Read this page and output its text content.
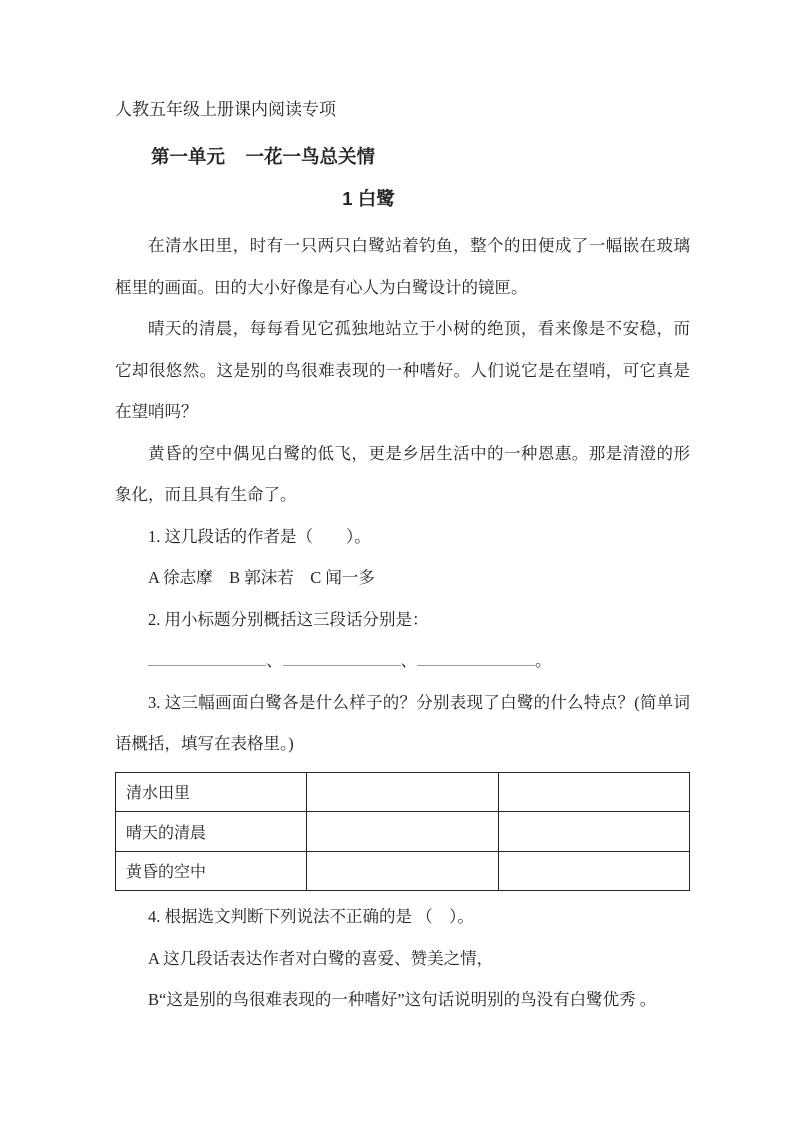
人教五年级上册课内阅读专项

第一单元    一花一鸟总关情
1 白鹭

在清水田里，时有一只两只白鹭站着钓鱼，整个的田便成了一幅嵌在玻璃框里的画面。田的大小好像是有心人为白鹭设计的镜匣。

晴天的清晨，每每看见它孤独地站立于小树的绝顶，看来像是不安稳，而它却很悠然。这是别的鸟很难表现的一种嗜好。人们说它是在望哨，可它真是在望哨吗？

黄昏的空中偶见白鹭的低飞，更是乡居生活中的一种恩惠。那是清澄的形象化，而且具有生命了。

1. 这几段话的作者是（　　）。

A 徐志摩　B 郭沫若　C 闻一多

2. 用小标题分别概括这三段话分别是：

、	、	。

3. 这三幅画面白鹭各是什么样子的？分别表现了白鹭的什么特点？(简单词语概括，填写在表格里。)

清水田里		
晴天的清晨		
黄昏的空中		

4. 根据选文判断下列说法不正确的是 （　）。

A 这几段话表达作者对白鹭的喜爱、赞美之情，

B“这是别的鸟很难表现的一种嗜好”这句话说明别的鸟没有白鹭优秀 。
